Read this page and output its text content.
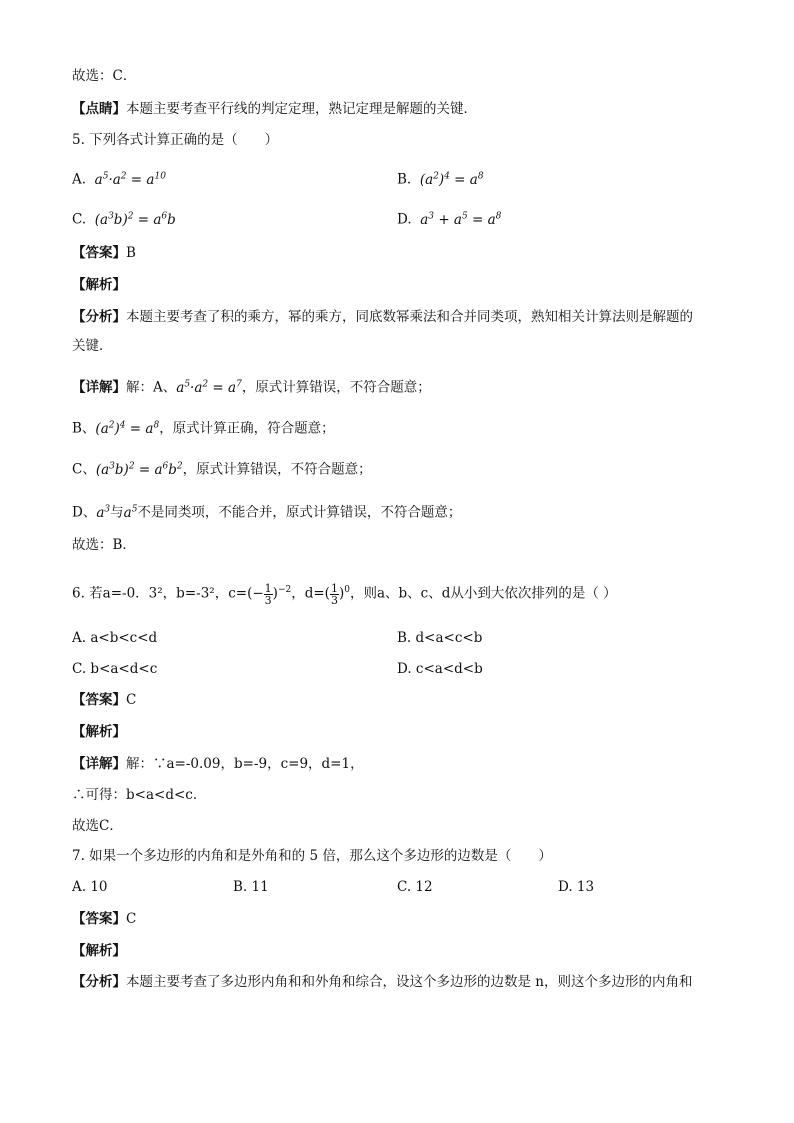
故选：C．
【点睛】本题主要考查平行线的判定定理，熟记定理是解题的关键．
5. 下列各式计算正确的是（　　）
A. $a^5\cdot a^2 = a^{10}$	B. $(a^2)^4 = a^8$
C. $(a^3b)^2 = a^6b$	D. $a^3 + a^5 = a^8$
【答案】B
【解析】
【分析】本题主要考查了积的乘方，幂的乘方，同底数幂乘法和合并同类项，熟知相关计算法则是解题的
关键．
【详解】解：A、$a^5\cdot a^2 = a^7$，原式计算错误，不符合题意；
B、$(a^2)^4 = a^8$，原式计算正确，符合题意；
C、$(a^3b)^2 = a^6b^2$，原式计算错误，不符合题意；
D、$a^3$与$a^5$不是同类项，不能合并，原式计算错误，不符合题意；
故选：B．
6. 若a=-0．3²，b=-3²，$c=(- \frac{1}{3} )^{-2}$，$d=( \frac{1}{3} )^0$，则a、b、c、d从小到大依次排列的是（ ）
A. a<b<c<d	B. d<a<c<b
C. b<a<d<c	D. c<a<d<b
【答案】C
【解析】
【详解】解：∵a=-0.09，b=-9，c=9，d=1，
∴可得：b<a<d<c．
故选C．
7. 如果一个多边形的内角和是外角和的 5 倍，那么这个多边形的边数是（　　）
A. 10	B. 11	C. 12	D. 13
【答案】C
【解析】
【分析】本题主要考查了多边形内角和和外角和综合，设这个多边形的边数是 n，则这个多边形的内角和
